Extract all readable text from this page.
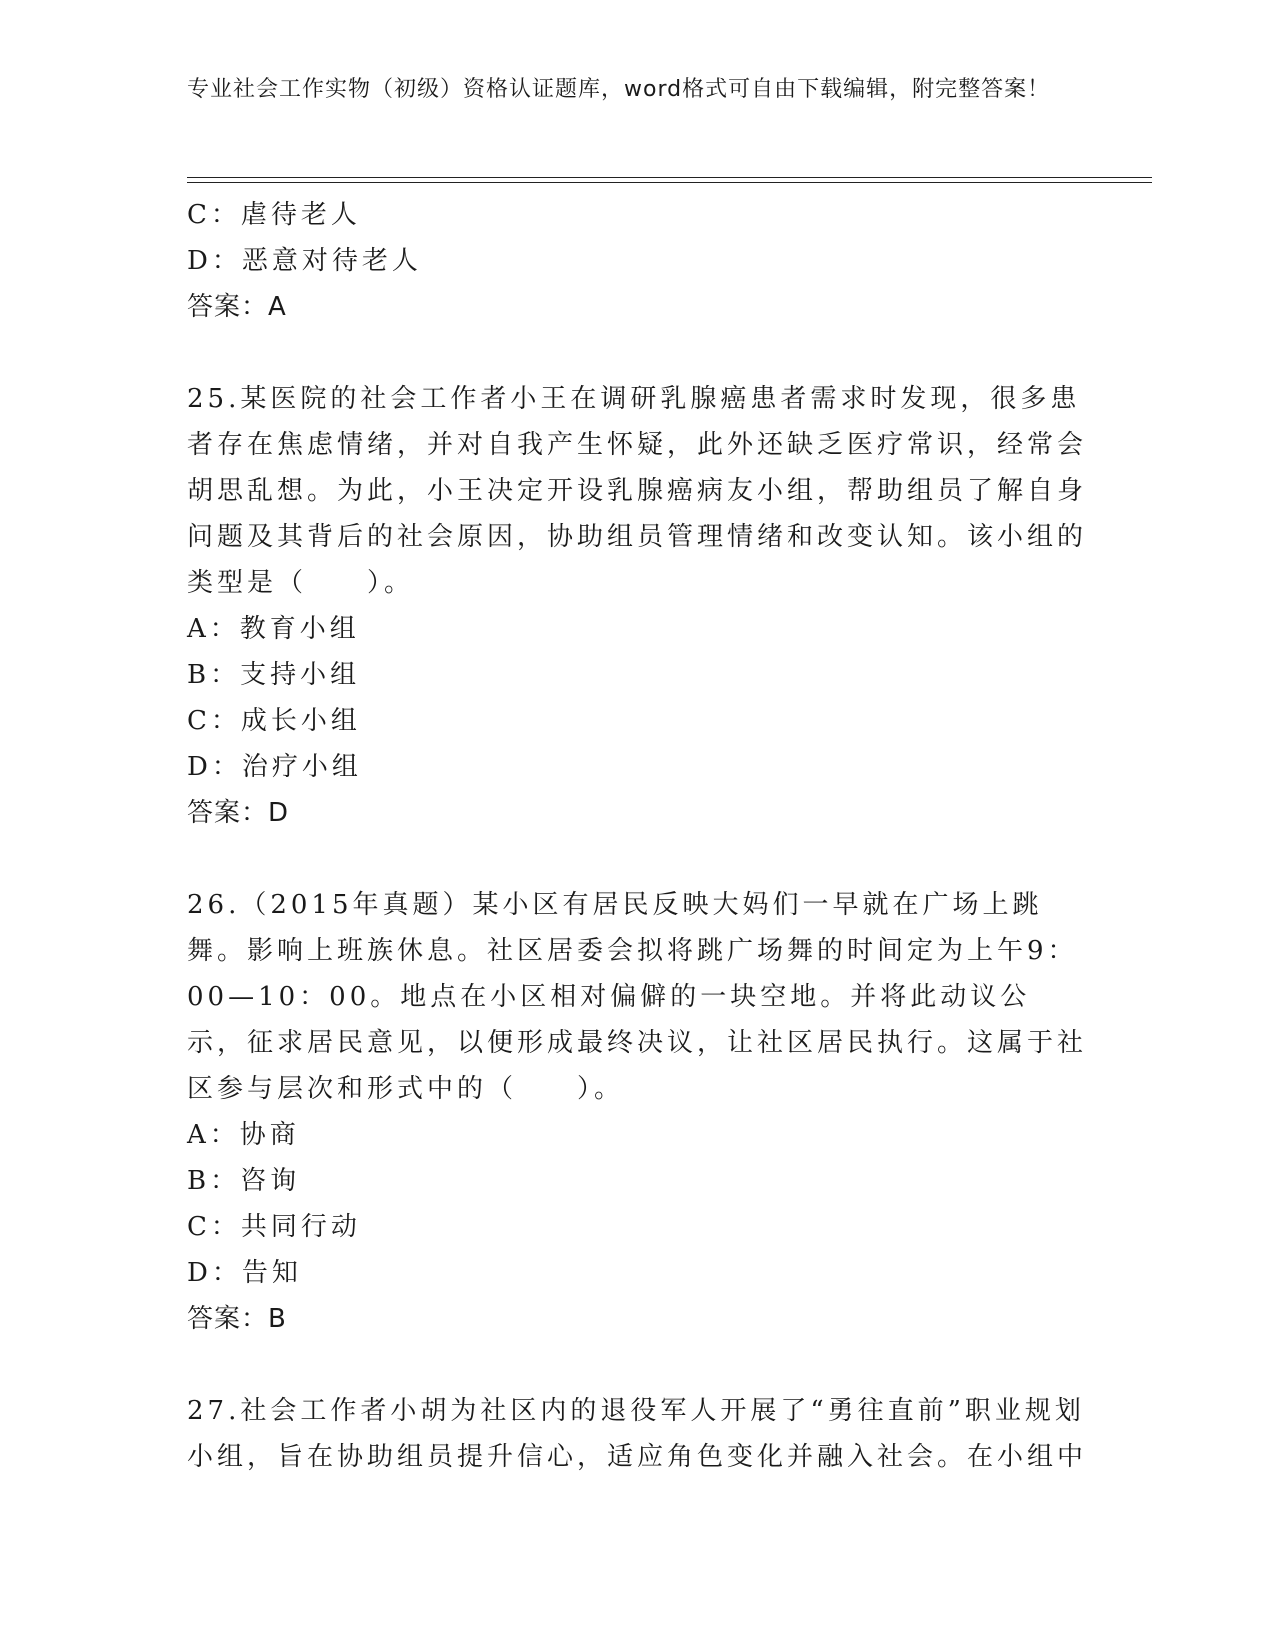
专业社会工作实物（初级）资格认证题库，word格式可自由下载编辑，附完整答案！

C：虐待老人

D：恶意对待老人

答案：A

25.某医院的社会工作者小王在调研乳腺癌患者需求时发现，很多患者存在焦虑情绪，并对自我产生怀疑，此外还缺乏医疗常识，经常会胡思乱想。为此，小王决定开设乳腺癌病友小组，帮助组员了解自身问题及其背后的社会原因，协助组员管理情绪和改变认知。该小组的类型是（　　）。

A：教育小组

B：支持小组

C：成长小组

D：治疗小组

答案：D

26.（2015年真题）某小区有居民反映大妈们一早就在广场上跳舞。影响上班族休息。社区居委会拟将跳广场舞的时间定为上午9：00—10：00。地点在小区相对偏僻的一块空地。并将此动议公示，征求居民意见，以便形成最终决议，让社区居民执行。这属于社区参与层次和形式中的（　　）。

A：协商

B：咨询

C：共同行动

D：告知

答案：B

27.社会工作者小胡为社区内的退役军人开展了“勇往直前”职业规划小组，旨在协助组员提升信心，适应角色变化并融入社会。在小组中
